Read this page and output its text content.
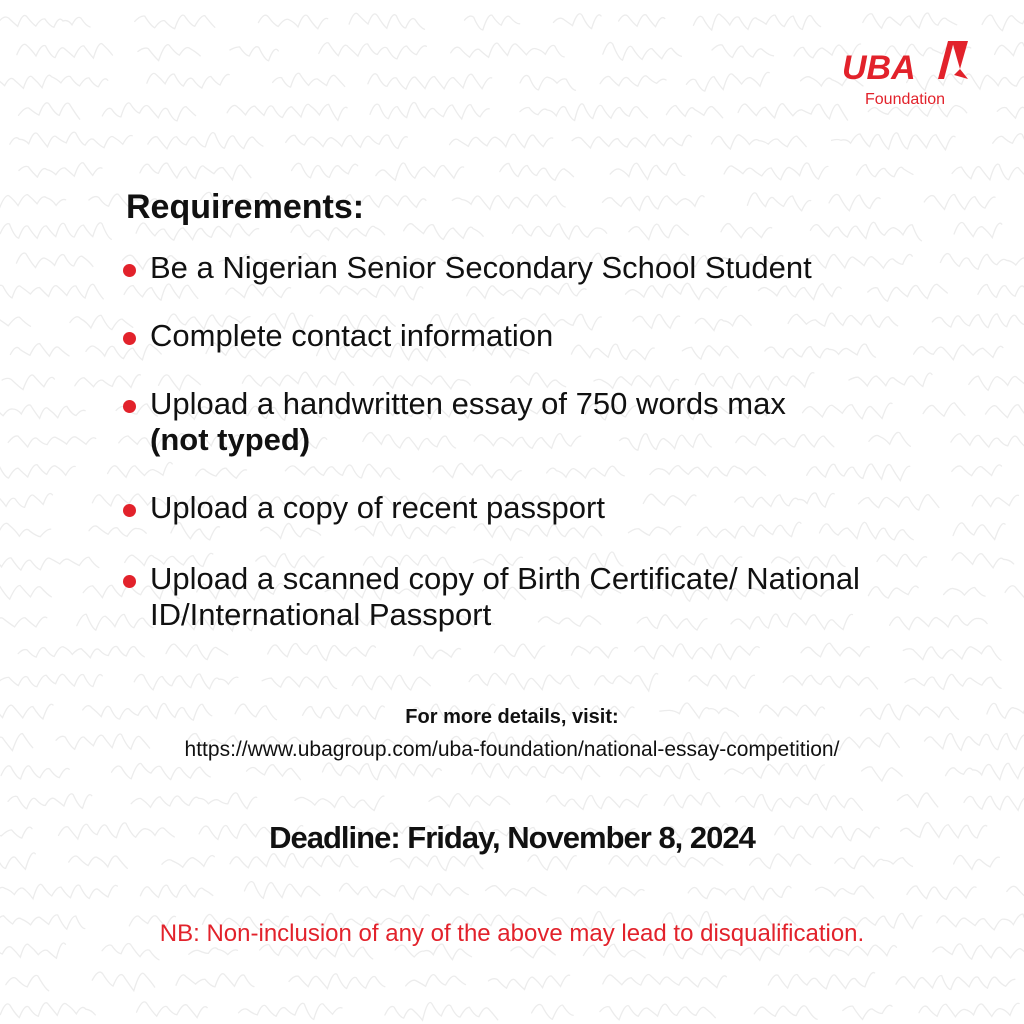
UBA
Foundation
Requirements:
Be a Nigerian Senior Secondary School Student
Complete contact information
Upload a handwritten essay of 750 words max
(not typed)
Upload a copy of recent passport
Upload a scanned copy of Birth Certificate/ National ID/International Passport
For more details, visit:
https://www.ubagroup.com/uba-foundation/national-essay-competition/
Deadline: Friday, November 8, 2024
NB: Non-inclusion of any of the above may lead to disqualification.
